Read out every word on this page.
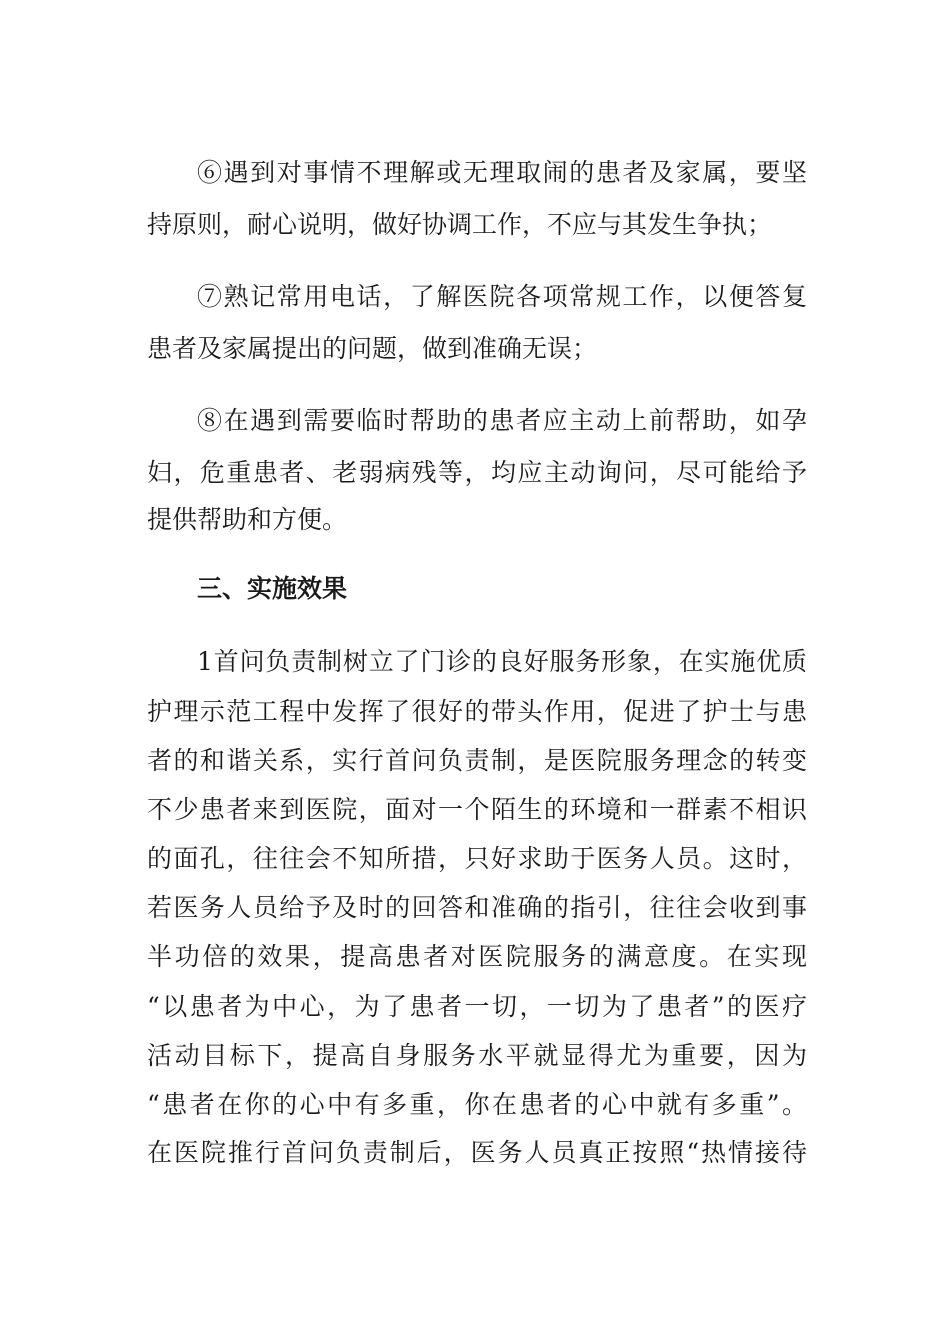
⑥遇到对事情不理解或无理取闹的患者及家属，要坚
持原则，耐心说明，做好协调工作，不应与其发生争执；
⑦熟记常用电话，了解医院各项常规工作，以便答复
患者及家属提出的问题，做到准确无误；
⑧在遇到需要临时帮助的患者应主动上前帮助，如孕
妇，危重患者、老弱病残等，均应主动询问，尽可能给予
提供帮助和方便。
三、实施效果
1首问负责制树立了门诊的良好服务形象，在实施优质
护理示范工程中发挥了很好的带头作用，促进了护士与患
者的和谐关系，实行首问负责制，是医院服务理念的转变
不少患者来到医院，面对一个陌生的环境和一群素不相识
的面孔，往往会不知所措，只好求助于医务人员。这时，
若医务人员给予及时的回答和准确的指引，往往会收到事
半功倍的效果，提高患者对医院服务的满意度。在实现
“以患者为中心，为了患者一切，一切为了患者”的医疗
活动目标下，提高自身服务水平就显得尤为重要，因为
“患者在你的心中有多重，你在患者的心中就有多重”。
在医院推行首问负责制后，医务人员真正按照“热情接待
